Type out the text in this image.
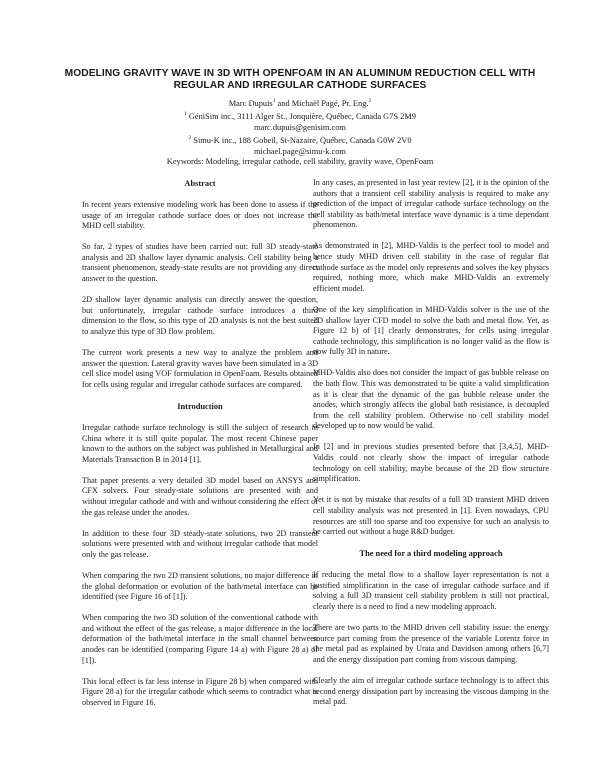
MODELING GRAVITY WAVE IN 3D WITH OPENFOAM IN AN ALUMINUM REDUCTION CELL WITH REGULAR AND IRREGULAR CATHODE SURFACES
Marc Dupuis$^1$ and Michaël Pagé, Pr. Eng.$^2$
$^1$ GéniSim inc., 3111 Alger St., Jonquière, Québec, Canada G7S 2M9
marc.dupuis@genisim.com
$^2$ Simu-K inc., 188 Gobeil, St-Nazaire, Québec, Canada G0W 2V0
michael.page@simu-k.com
Keywords: Modeling, irregular cathode, cell stability, gravity wave, OpenFoam
Abstract

In recent years extensive modeling work has been done to assess if the usage of an irregular cathode surface does or does not increase the MHD cell stability.

So far, 2 types of studies have been carried out: full 3D steady-state analysis and 2D shallow layer dynamic analysis. Cell stability being a transient phenomenon, steady-state results are not providing any direct answer to the question.

2D shallow layer dynamic analysis can directly answer the question, but unfortunately, irregular cathode surface introduces a third dimension to the flow, so this type of 2D analysis is not the best suited to analyze this type of 3D flow problem.

The current work presents a new way to analyze the problem and answer the question. Lateral gravity waves have been simulated in a 3D cell slice model using VOF formulation in OpenFoam. Results obtained for cells using regular and irregular cathode surfaces are compared.

Introduction

Irregular cathode surface technology is still the subject of research in China where it is still quite popular. The most recent Chinese paper known to the authors on the subject was published in Metallurgical and Materials Transaction B in 2014 [1].

That paper presents a very detailed 3D model based on ANSYS and CFX solvers. Four steady-state solutions are presented with and without irregular cathode and with and without considering the effect of the gas release under the anodes.

In addition to these four 3D steady-state solutions, two 2D transient solutions were presented with and without irregular cathode that model only the gas release.

When comparing the two 2D transient solutions, no major difference in the global deformation or evolution of the bath/metal interface can be identified (see Figure 16 of [1]).

When comparing the two 3D solution of the conventional cathode with and without the effect of the gas release, a major difference in the local deformation of the bath/metal interface in the small channel between anodes can be identified (comparing Figure 14 a) with Figure 28 a) of [1]).

This local effect is far less intense in Figure 28 b) when compared with Figure 28 a) for the irregular cathode which seems to contradict what is observed in Figure 16.

In any cases, as presented in last year review [2], it is the opinion of the authors that a transient cell stability analysis is required to make any prediction of the impact of irregular cathode surface technology on the cell stability as bath/metal interface wave dynamic is a time dependant phenomenon.

As demonstrated in [2], MHD-Valdis is the perfect tool to model and hence study MHD driven cell stability in the case of regular flat cathode surface as the model only represents and solves the key physics required, nothing more, which make MHD-Valdis an extremely efficient model.

One of the key simplification in MHD-Valdis solver is the use of the 2D shallow layer CFD model to solve the bath and metal flow. Yet, as Figure 12 b) of [1] clearly demonstrates, for cells using irregular cathode technology, this simplification is no longer valid as the flow is now fully 3D in nature.

MHD-Valdis also does not consider the impact of gas bubble release on the bath flow. This was demonstrated to be quite a valid simplification as it is clear that the dynamic of the gas bubble release under the anodes, which strongly affects the global bath resistance, is decoupled from the cell stability problem. Otherwise no cell stability model developed up to now would be valid.

In [2] and in previous studies presented before that [3,4,5], MHD-Valdis could not clearly show the impact of irregular cathode technology on cell stability, maybe because of the 2D flow structure simplification.

Yet it is not by mistake that results of a full 3D transient MHD driven cell stability analysis was not presented in [1]. Even nowadays, CPU resources are still too sparse and too expensive for such an analysis to be carried out without a huge R&D budget.

The need for a third modeling approach

If reducing the metal flow to a shallow layer representation is not a justified simplification in the case of irregular cathode surface and if solving a full 3D transient cell stability problem is still not practical, clearly there is a need to find a new modeling approach.

There are two parts to the MHD driven cell stability issue: the energy source part coming from the presence of the variable Lorentz force in the metal pad as explained by Urata and Davidson among others [6,7] and the energy dissipation part coming from viscous damping.

Clearly the aim of irregular cathode surface technology is to affect this second energy dissipation part by increasing the viscous damping in the metal pad.
